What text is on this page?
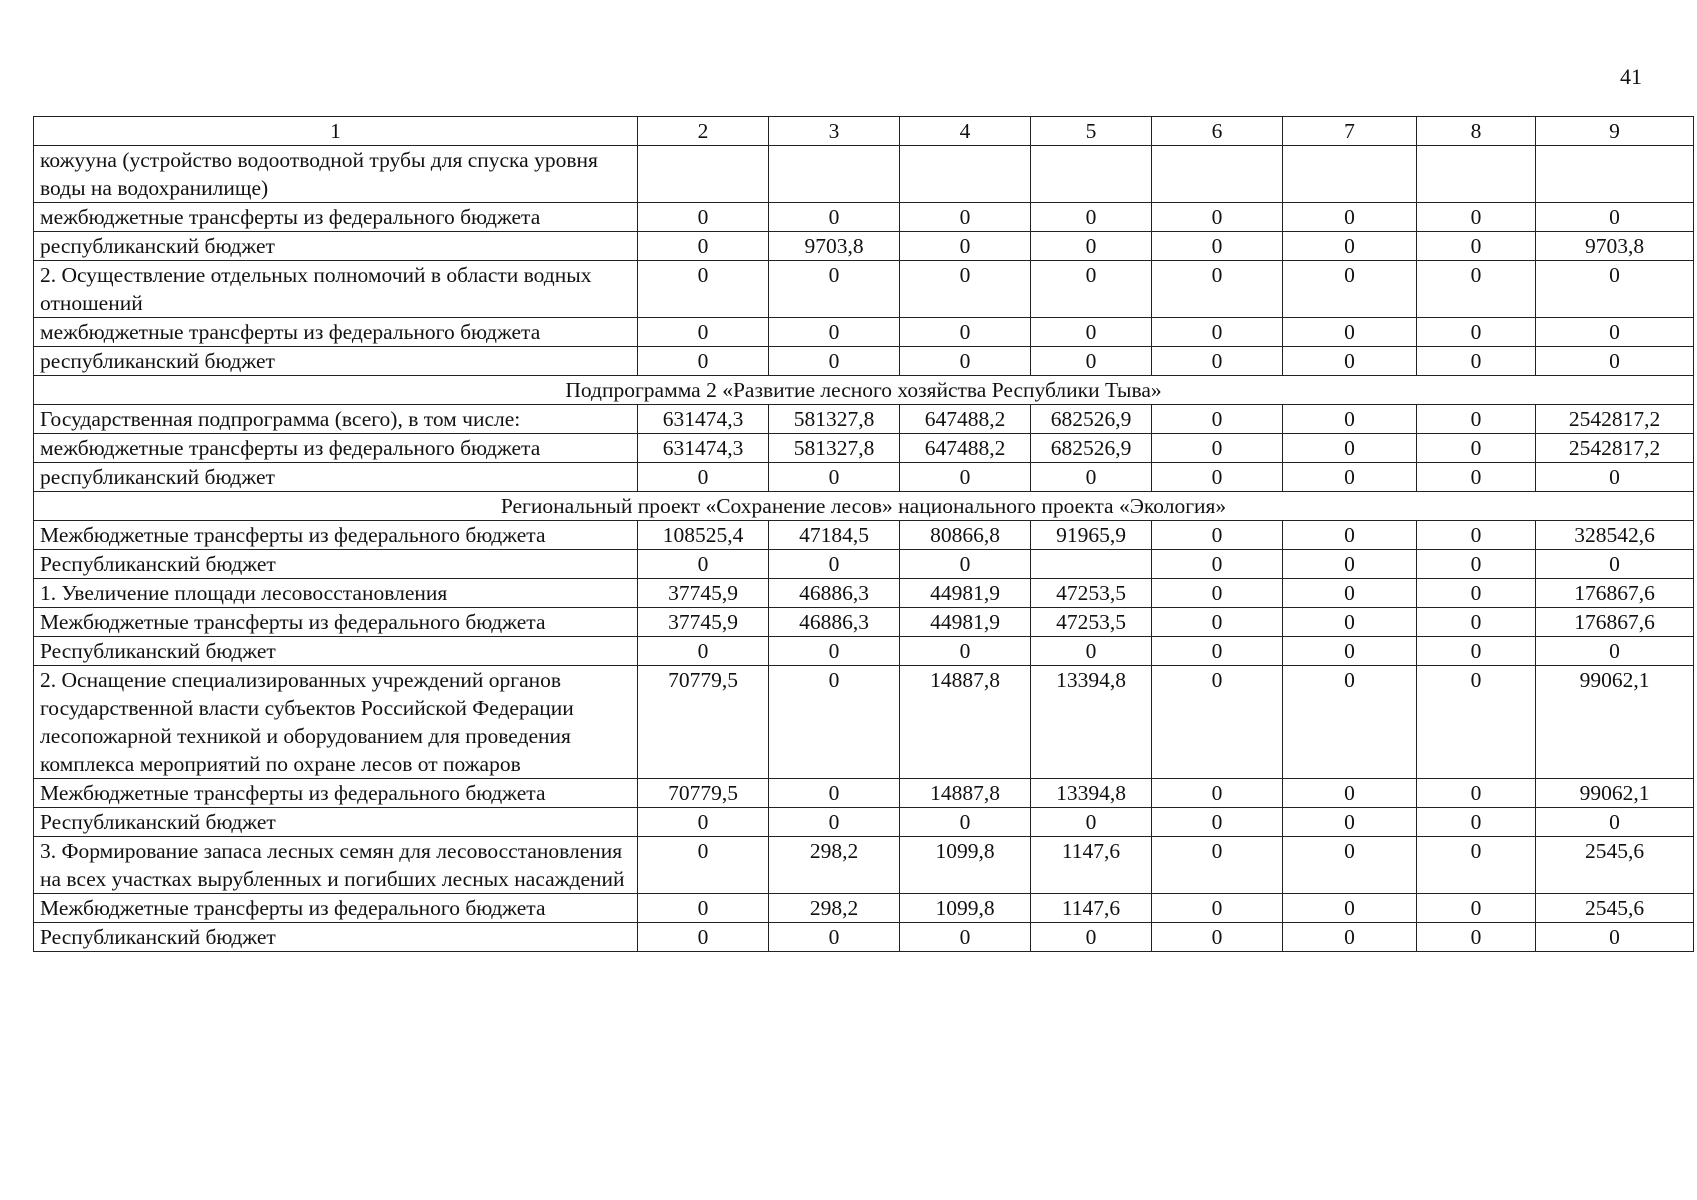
41
1	2	3	4	5	6	7	8	9
кожууна (устройство водоотводной трубы для спуска уровня воды на водохранилище)								
межбюджетные трансферты из федерального бюджета	0	0	0	0	0	0	0	0
республиканский бюджет	0	9703,8	0	0	0	0	0	9703,8
2. Осуществление отдельных полномочий в области водных отношений	0	0	0	0	0	0	0	0
межбюджетные трансферты из федерального бюджета	0	0	0	0	0	0	0	0
республиканский бюджет	0	0	0	0	0	0	0	0
Подпрограмма 2 «Развитие лесного хозяйства Республики Тыва»								
Государственная подпрограмма (всего), в том числе:	631474,3	581327,8	647488,2	682526,9	0	0	0	2542817,2
межбюджетные трансферты из федерального бюджета	631474,3	581327,8	647488,2	682526,9	0	0	0	2542817,2
республиканский бюджет	0	0	0	0	0	0	0	0
Региональный проект «Сохранение лесов» национального проекта «Экология»								
Межбюджетные трансферты из федерального бюджета	108525,4	47184,5	80866,8	91965,9	0	0	0	328542,6
Республиканский бюджет	0	0	0		0	0	0	0
1. Увеличение площади лесовосстановления	37745,9	46886,3	44981,9	47253,5	0	0	0	176867,6
Межбюджетные трансферты из федерального бюджета	37745,9	46886,3	44981,9	47253,5	0	0	0	176867,6
Республиканский бюджет	0	0	0	0	0	0	0	0
2. Оснащение специализированных учреждений органов государственной власти субъектов Российской Федерации лесопожарной техникой и оборудованием для проведения комплекса мероприятий по охране лесов от пожаров	70779,5	0	14887,8	13394,8	0	0	0	99062,1
Межбюджетные трансферты из федерального бюджета	70779,5	0	14887,8	13394,8	0	0	0	99062,1
Республиканский бюджет	0	0	0	0	0	0	0	0
3. Формирование запаса лесных семян для лесовосстановления на всех участках вырубленных и погибших лесных насаждений	0	298,2	1099,8	1147,6	0	0	0	2545,6
Межбюджетные трансферты из федерального бюджета	0	298,2	1099,8	1147,6	0	0	0	2545,6
Республиканский бюджет	0	0	0	0	0	0	0	0
